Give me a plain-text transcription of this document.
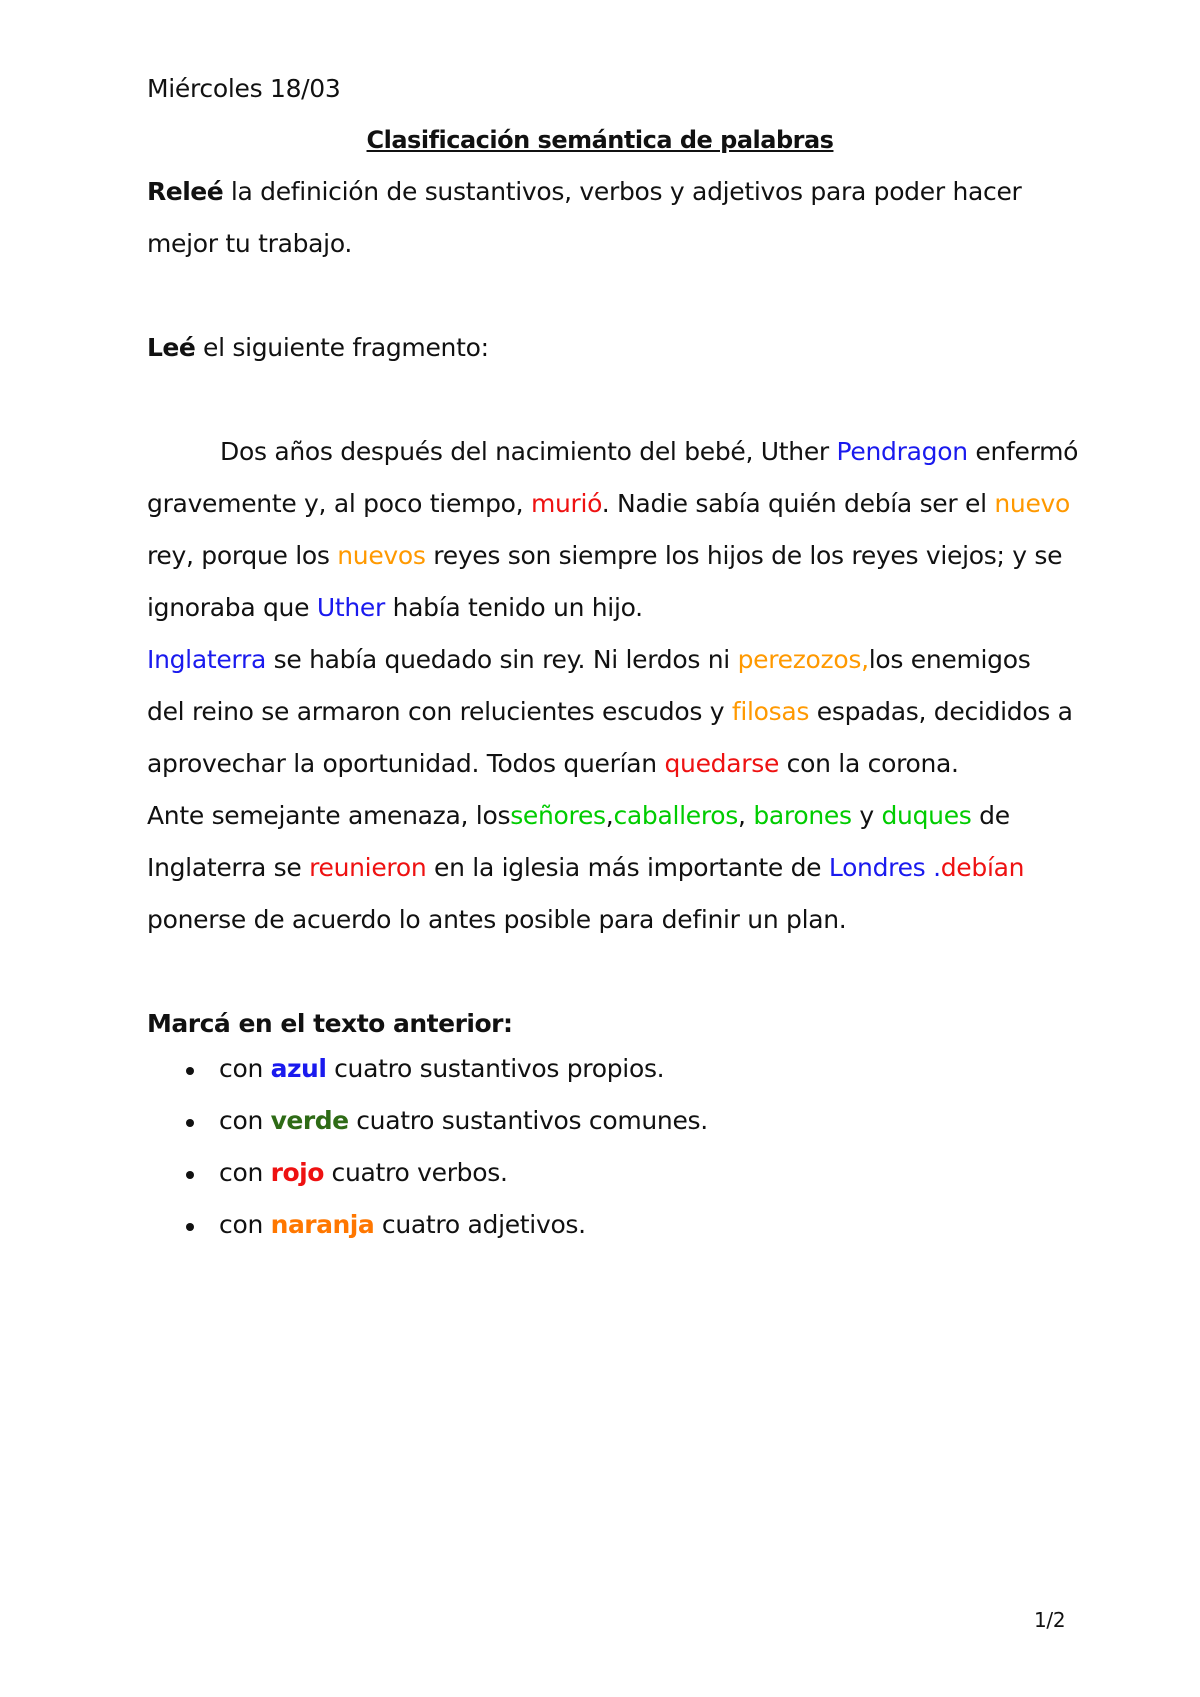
Miércoles 18/03
Clasificación semántica de palabras
Releé la definición de sustantivos, verbos y adjetivos para poder hacer
mejor tu trabajo.
Leé el siguiente fragmento:
Dos años después del nacimiento del bebé, Uther Pendragon enfermó
gravemente y, al poco tiempo, murió. Nadie sabía quién debía ser el nuevo
rey, porque los nuevos reyes son siempre los hijos de los reyes viejos; y se
ignoraba que Uther había tenido un hijo.
Inglaterra se había quedado sin rey. Ni lerdos ni perezozos,los enemigos
del reino se armaron con relucientes escudos y filosas espadas, decididos a
aprovechar la oportunidad. Todos querían quedarse con la corona.
Ante semejante amenaza, losseñores,caballeros, barones y duques de
Inglaterra se reunieron en la iglesia más importante de Londres .debían
ponerse de acuerdo lo antes posible para definir un plan.
Marcá en el texto anterior:
con azul cuatro sustantivos propios.
con verde cuatro sustantivos comunes.
con rojo cuatro verbos.
con naranja cuatro adjetivos.
1/2
